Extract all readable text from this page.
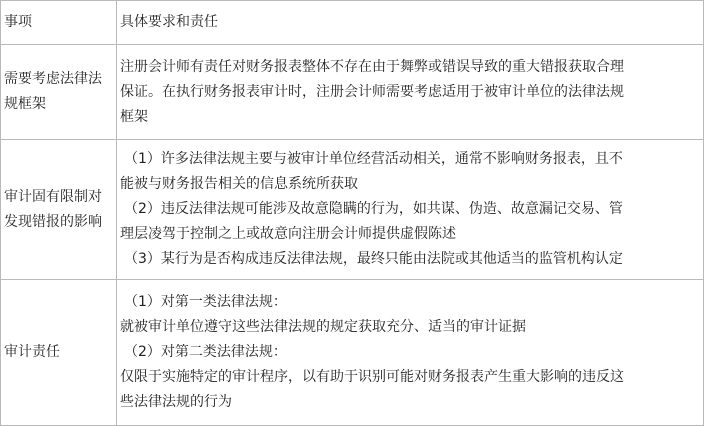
事项	具体要求和责任

需要考虑法律法规框架	注册会计师有责任对财务报表整体不存在由于舞弊或错误导致的重大错报获取合理
保证。在执行财务报表审计时，注册会计师需要考虑适用于被审计单位的法律法规
框架

审计固有限制对发现错报的影响	（1）许多法律法规主要与被审计单位经营活动相关，通常不影响财务报表，且不
能被与财务报告相关的信息系统所获取
（2）违反法律法规可能涉及故意隐瞒的行为，如共谋、伪造、故意漏记交易、管
理层凌驾于控制之上或故意向注册会计师提供虚假陈述
（3）某行为是否构成违反法律法规，最终只能由法院或其他适当的监管机构认定

审计责任	（1）对第一类法律法规：
就被审计单位遵守这些法律法规的规定获取充分、适当的审计证据
（2）对第二类法律法规：
仅限于实施特定的审计程序，以有助于识别可能对财务报表产生重大影响的违反这
些法律法规的行为
